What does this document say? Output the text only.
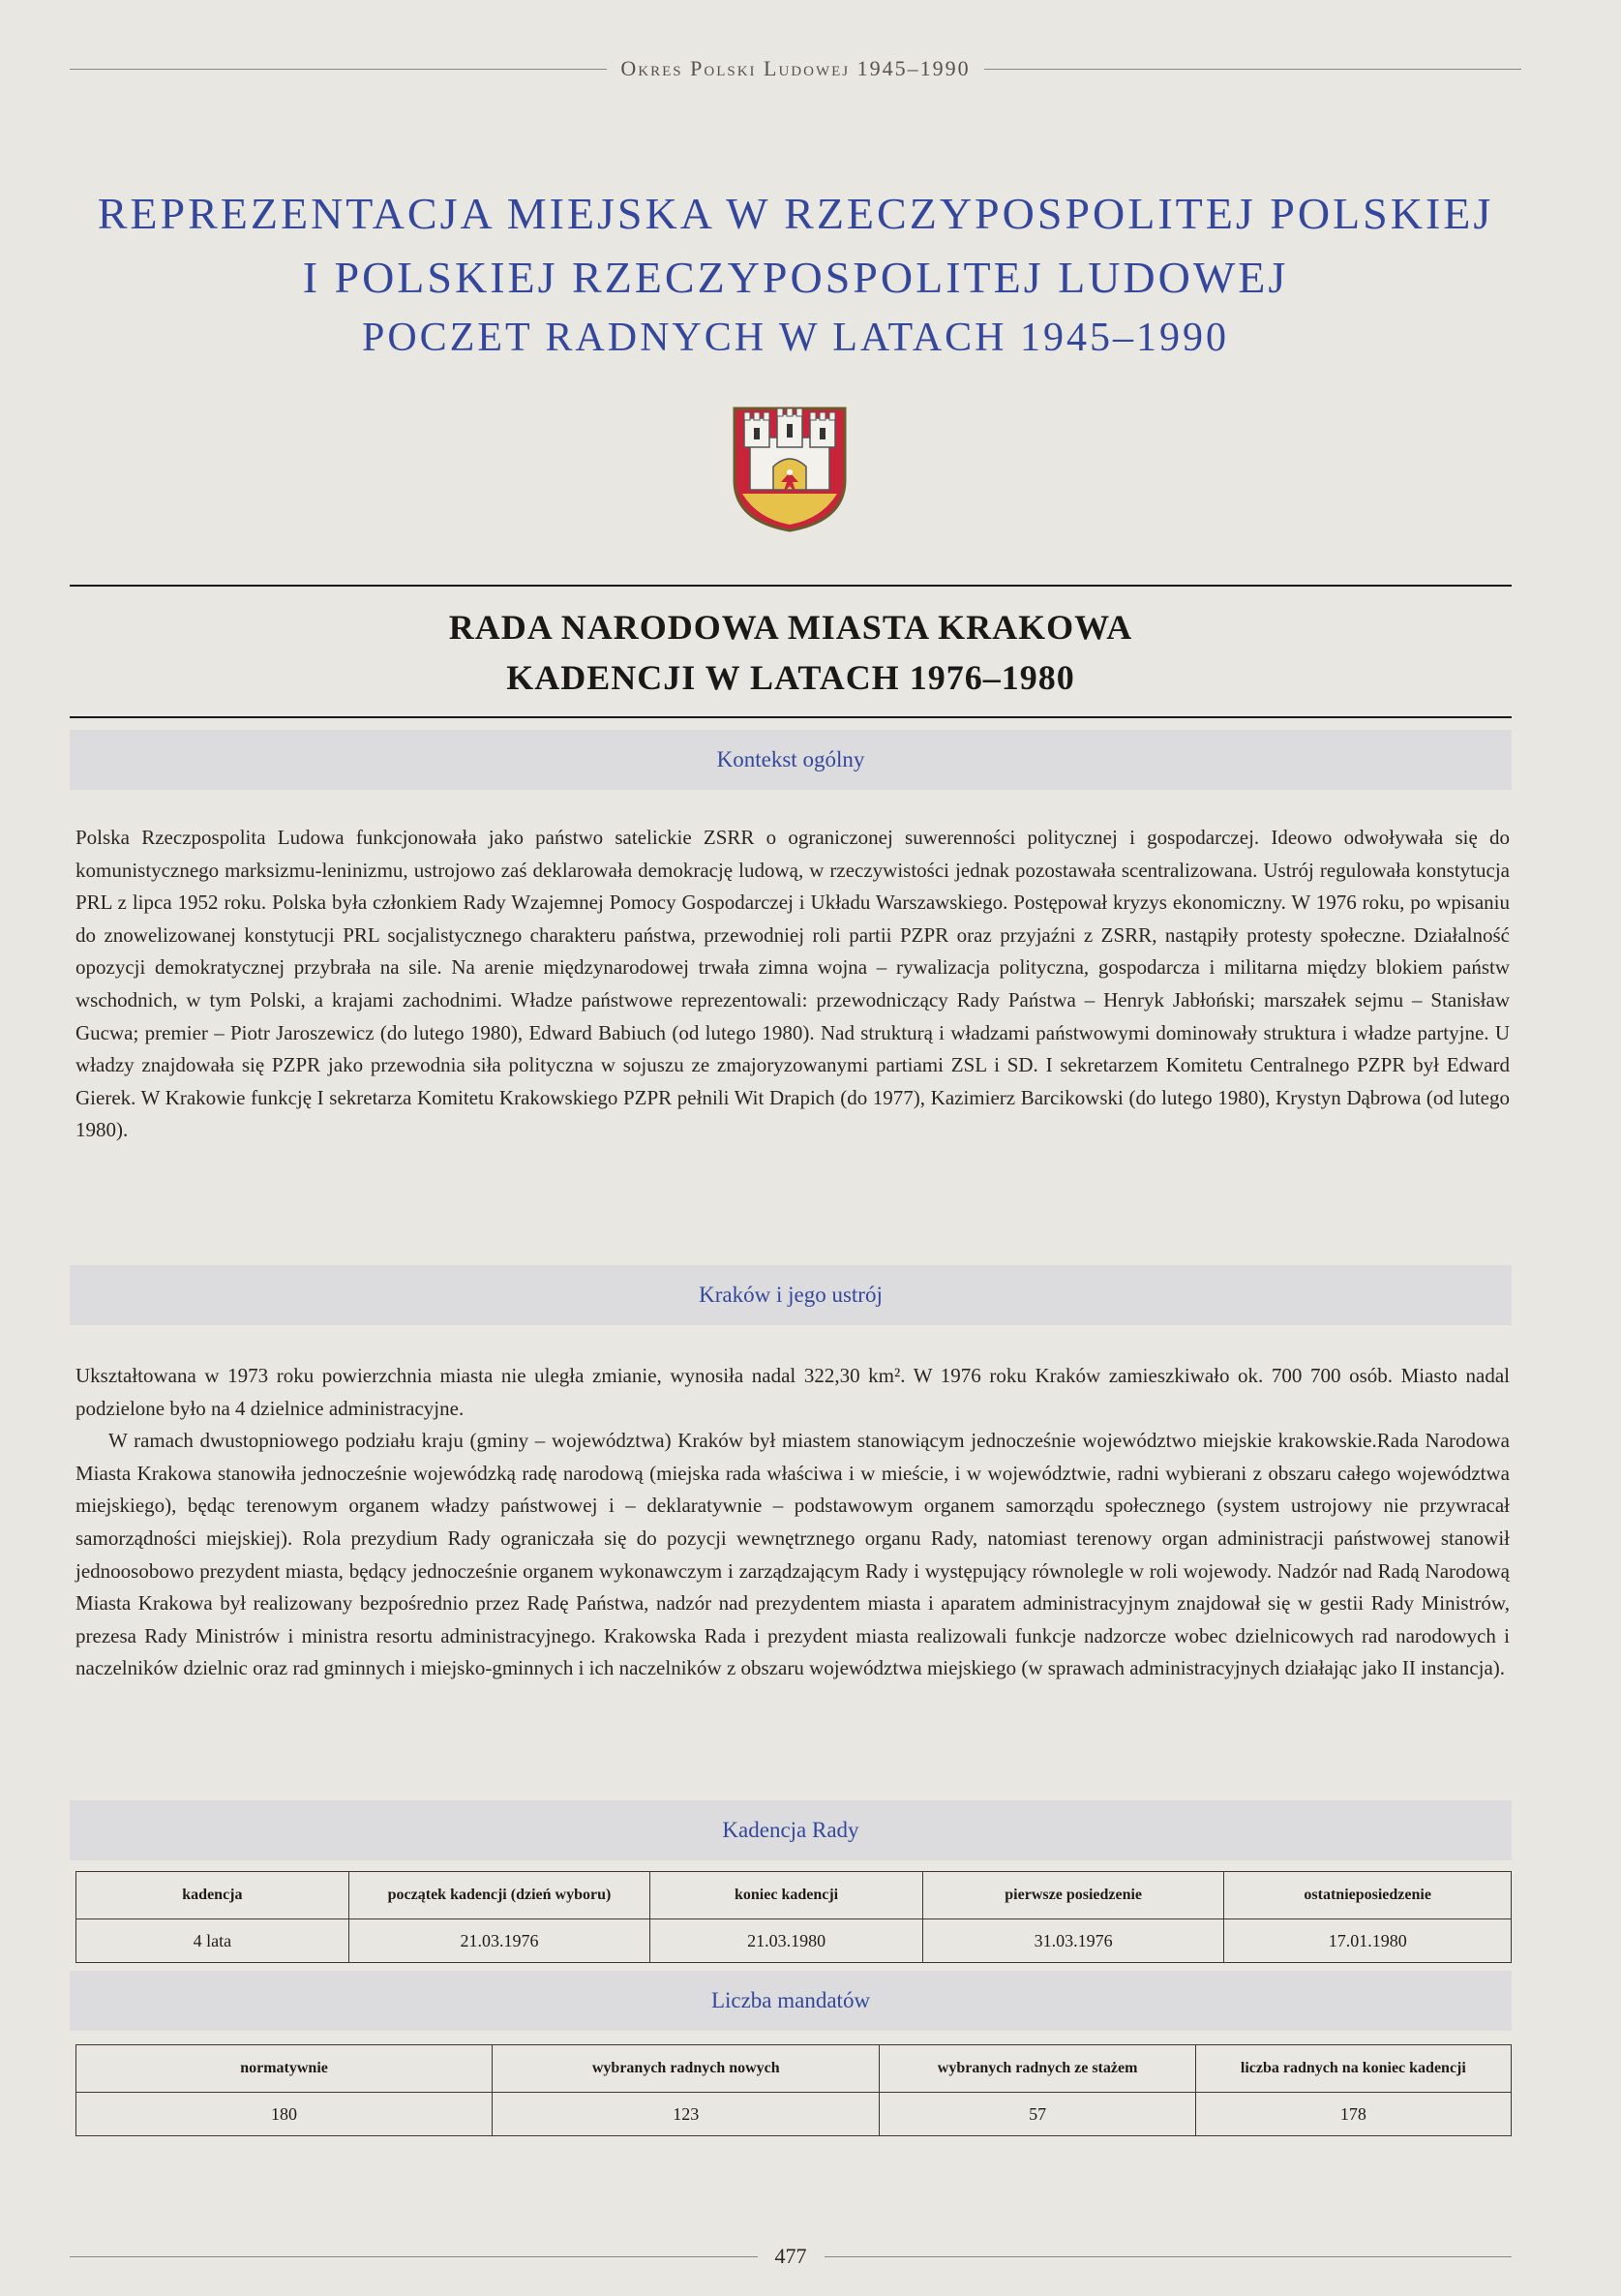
Okres Polski Ludowej 1945–1990
REPREZENTACJA MIEJSKA W RZECZYPOSPOLITEJ POLSKIEJ
I POLSKIEJ RZECZYPOSPOLITEJ LUDOWEJ
POCZET RADNYCH W LATACH 1945–1990
RADA NARODOWA MIASTA KRAKOWA
KADENCJI W LATACH 1976–1980
Kontekst ogólny

Polska Rzeczpospolita Ludowa funkcjonowała jako państwo satelickie ZSRR o ograniczonej suwerenności politycznej i gospodarczej. Ideowo odwoływała się do komunistycznego marksizmu-leninizmu, ustrojowo zaś deklarowała demokrację ludową, w rzeczywistości jednak pozostawała scentralizowana. Ustrój regulowała konstytucja PRL z lipca 1952 roku. Polska była członkiem Rady Wzajemnej Pomocy Gospodarczej i Układu Warszawskiego. Postępował kryzys ekonomiczny. W 1976 roku, po wpisaniu do znowelizowanej konstytucji PRL socjalistycznego charakteru państwa, przewodniej roli partii PZPR oraz przyjaźni z ZSRR, nastąpiły protesty społeczne. Działalność opozycji demokratycznej przybrała na sile. Na arenie międzynarodowej trwała zimna wojna – rywalizacja polityczna, gospodarcza i militarna między blokiem państw wschodnich, w tym Polski, a krajami zachodnimi. Władze państwowe reprezentowali: przewodniczący Rady Państwa – Henryk Jabłoński; marszałek sejmu – Stanisław Gucwa; premier – Piotr Jaroszewicz (do lutego 1980), Edward Babiuch (od lutego 1980). Nad strukturą i władzami państwowymi dominowały struktura i władze partyjne. U władzy znajdowała się PZPR jako przewodnia siła polityczna w sojuszu ze zmajoryzowanymi partiami ZSL i SD. I sekretarzem Komitetu Centralnego PZPR był Edward Gierek. W Krakowie funkcję I sekretarza Komitetu Krakowskiego PZPR pełnili Wit Drapich (do 1977), Kazimierz Barcikowski (do lutego 1980), Krystyn Dąbrowa (od lutego 1980).

Kraków i jego ustrój

Ukształtowana w 1973 roku powierzchnia miasta nie uległa zmianie, wynosiła nadal 322,30 km². W 1976 roku Kraków zamieszkiwało ok. 700 700 osób. Miasto nadal podzielone było na 4 dzielnice administracyjne.

W ramach dwustopniowego podziału kraju (gminy – województwa) Kraków był miastem stanowiącym jednocześnie województwo miejskie krakowskie.Rada Narodowa Miasta Krakowa stanowiła jednocześnie wojewódzką radę narodową (miejska rada właściwa i w mieście, i w województwie, radni wybierani z obszaru całego województwa miejskiego), będąc terenowym organem władzy państwowej i – deklaratywnie – podstawowym organem samorządu społecznego (system ustrojowy nie przywracał samorządności miejskiej). Rola prezydium Rady ograniczała się do pozycji wewnętrznego organu Rady, natomiast terenowy organ administracji państwowej stanowił jednoosobowo prezydent miasta, będący jednocześnie organem wykonawczym i zarządzającym Rady i występujący równolegle w roli wojewody. Nadzór nad Radą Narodową Miasta Krakowa był realizowany bezpośrednio przez Radę Państwa, nadzór nad prezydentem miasta i aparatem administracyjnym znajdował się w gestii Rady Ministrów, prezesa Rady Ministrów i ministra resortu administracyjnego. Krakowska Rada i prezydent miasta realizowali funkcje nadzorcze wobec dzielnicowych rad narodowych i naczelników dzielnic oraz rad gminnych i miejsko-gminnych i ich naczelników z obszaru województwa miejskiego (w sprawach administracyjnych działając jako II instancja).

Kadencja Rady
kadencja	początek kadencji (dzień wyboru)	koniec kadencji	pierwsze posiedzenie	ostatnieposiedzenie
4 lata	21.03.1976	21.03.1980	31.03.1976	17.01.1980
Liczba mandatów
normatywnie	wybranych radnych nowych	wybranych radnych ze stażem	liczba radnych na koniec kadencji
180	123	57	178
477
